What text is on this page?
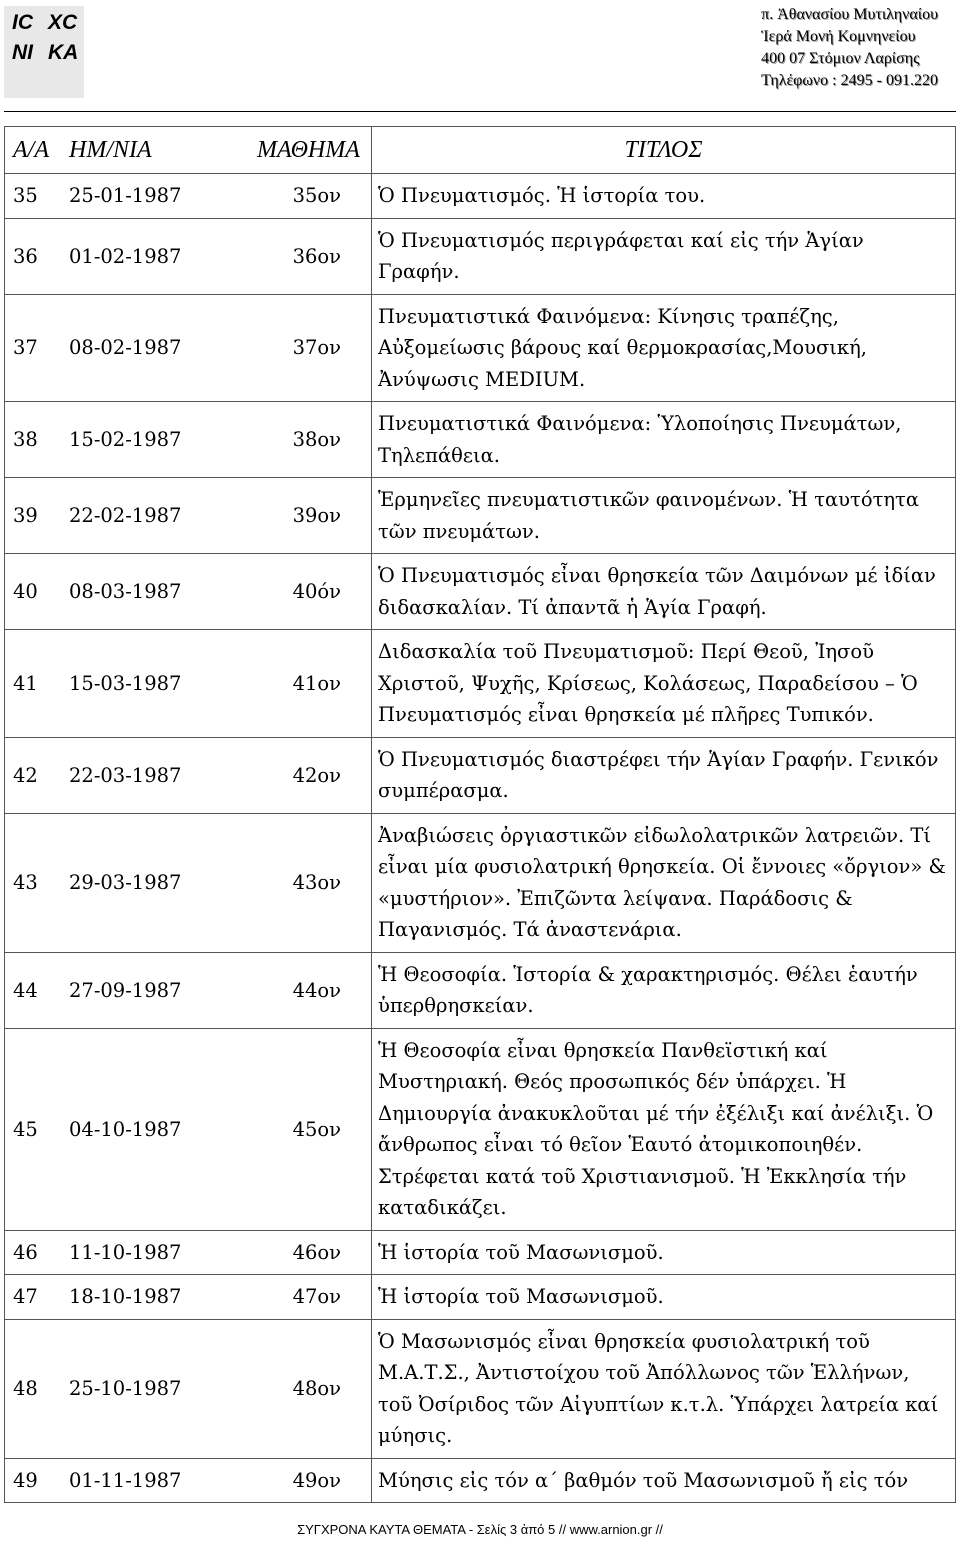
IC XC
NI KA
π. Ἀθανασίου Μυτιληναίου
Ἱερά Μονή Κομνηνείου
400 07 Στόμιον Λαρίσης
Τηλέφωνο : 2495 - 091.220
Α/Α	ΗΜ/ΝΙΑ	ΜΑΘΗΜΑ	ΤΙΤΛΟΣ
35	25-01-1987	35ον	Ὁ Πνευματισμός. Ἡ ἱστορία του.
36	01-02-1987	36ον	Ὁ Πνευματισμός περιγράφεται καί εἰς τήν Ἁγίαν Γραφήν.
37	08-02-1987	37ον	Πνευματιστικά Φαινόμενα: Κίνησις τραπέζης, Αὐξομείωσις βάρους καί θερμοκρασίας,Μουσική, Ἀνύψωσις MEDIUM.
38	15-02-1987	38ον	Πνευματιστικά Φαινόμενα: Ὑλοποίησις Πνευμάτων, Τηλεπάθεια.
39	22-02-1987	39ον	Ἑρμηνεῖες πνευματιστικῶν φαινομένων. Ἡ ταυτότητα τῶν πνευμάτων.
40	08-03-1987	40όν	Ὁ Πνευματισμός εἶναι θρησκεία τῶν Δαιμόνων μέ ἰδίαν διδασκαλίαν. Τί ἀπαντᾶ ἡ Ἁγία Γραφή.
41	15-03-1987	41ον	Διδασκαλία τοῦ Πνευματισμοῦ: Περί Θεοῦ, Ἰησοῦ Χριστοῦ, Ψυχῆς, Κρίσεως, Κολάσεως, Παραδείσου – Ὁ Πνευματισμός εἶναι θρησκεία μέ πλῆρες Τυπικόν.
42	22-03-1987	42ον	Ὁ Πνευματισμός διαστρέφει τήν Ἁγίαν Γραφήν. Γενικόν συμπέρασμα.
43	29-03-1987	43ον	Ἀναβιώσεις ὀργιαστικῶν εἰδωλολατρικῶν λατρειῶν. Τί εἶναι μία φυσιολατρική θρησκεία. Οἱ ἔννοιες «ὄργιον» & «μυστήριον». Ἐπιζῶντα λείψανα. Παράδοσις & Παγανισμός. Τά ἀναστενάρια.
44	27-09-1987	44ον	Ἡ Θεοσοφία. Ἱστορία & χαρακτηρισμός. Θέλει ἑαυτήν ὑπερθρησκείαν.
45	04-10-1987	45ον	Ἡ Θεοσοφία εἶναι θρησκεία Πανθεϊστική καί Μυστηριακή. Θεός προσωπικός δέν ὑπάρχει. Ἡ Δημιουργία ἀνακυκλοῦται μέ τήν ἐξέλιξι καί ἀνέλιξι. Ὁ ἄνθρωπος εἶναι τό θεῖον Ἑαυτό ἀτομικοποιηθέν. Στρέφεται κατά τοῦ Χριστιανισμοῦ. Ἡ Ἐκκλησία τήν καταδικάζει.
46	11-10-1987	46ον	Ἡ ἱστορία τοῦ Μασωνισμοῦ.
47	18-10-1987	47ον	Ἡ ἱστορία τοῦ Μασωνισμοῦ.
48	25-10-1987	48ον	Ὁ Μασωνισμός εἶναι θρησκεία φυσιολατρική τοῦ Μ.Α.Τ.Σ., Ἀντιστοίχου τοῦ Ἀπόλλωνος τῶν Ἑλλήνων, τοῦ Ὀσίριδος τῶν Αἰγυπτίων κ.τ.λ. Ὑπάρχει λατρεία καί μύησις.
49	01-11-1987	49ον	Μύησις εἰς τόν α΄ βαθμόν τοῦ Μασωνισμοῦ ἤ εἰς τόν
ΣΥΓΧΡΟΝΑ ΚΑΥΤΑ ΘΕΜΑΤΑ - Σελίς 3 ἀπό 5 // www.arnion.gr //
